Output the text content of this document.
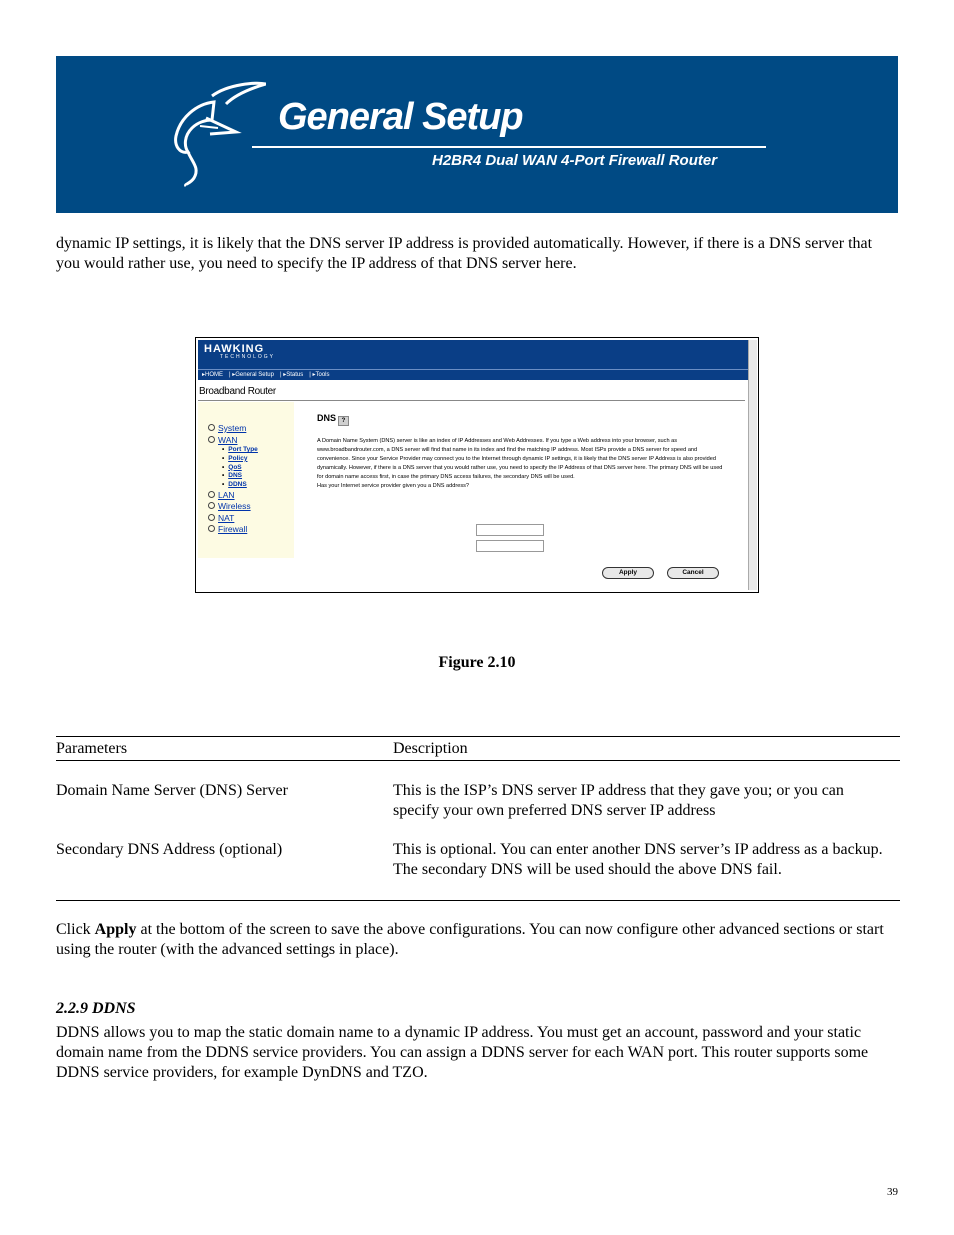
General Setup
H2BR4 Dual WAN 4-Port Firewall Router
dynamic IP settings, it is likely that the DNS server IP address is provided automatically. However, if there is a DNS server that you would rather use, you need to specify the IP address of that DNS server here.
HAWKING
TECHNOLOGY
▸HOME | ▸General Setup | ▸Status | ▸Tools
Broadband Router
System
WAN
• Port Type
• Policy
• QoS
• DNS
• DDNS
LAN
Wireless
NAT
Firewall
DNS ?
A Domain Name System (DNS) server is like an index of IP Addresses and Web Addresses. If you type a Web address into your browser, such as www.broadbandrouter.com, a DNS server will find that name in its index and find the matching IP address. Most ISPs provide a DNS server for speed and convenience. Since your Service Provider may connect you to the Internet through dynamic IP settings, it is likely that the DNS server IP Address is also provided dynamically. However, if there is a DNS server that you would rather use, you need to specify the IP Address of that DNS server here. The primary DNS will be used for domain name access first, in case the primary DNS access failures, the secondary DNS will be used.
Has your Internet service provider given you a DNS address?
Apply	Cancel
Figure 2.10
Parameters	Description
Domain Name Server (DNS) Server	This is the ISP’s DNS server IP address that they gave you; or you can specify your own preferred DNS server IP address
Secondary DNS Address (optional)	This is optional. You can enter another DNS server’s IP address as a backup. The secondary DNS will be used should the above DNS fail.
Click Apply at the bottom of the screen to save the above configurations. You can now configure other advanced sections or start using the router (with the advanced settings in place).
2.2.9 DDNS
DDNS allows you to map the static domain name to a dynamic IP address. You must get an account, password and your static domain name from the DDNS service providers. You can assign a DDNS server for each WAN port. This router supports some DDNS service providers, for example DynDNS and TZO.
39
